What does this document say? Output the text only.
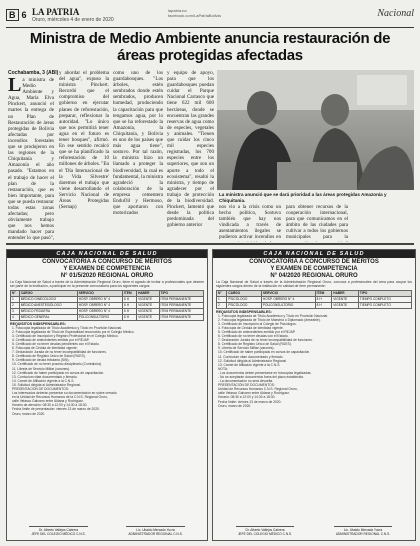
B 6 LA PATRIA
Oruro, miércoles 4 de enero de 2020
lapatria.bo
facebook.com/LaPatriaBolivia	Nacional
Ministra de Medio Ambiente anuncia restauración de áreas protegidas afectadas
Cochabamba, 3 (ABI)
La ministra de Medio Ambiente y Agua, María Elva Pinckert, anunció el martes la entrega de un Plan de Restauración de áreas protegidas de Bolivia afectadas por incendios forestales que se produjeron en las regiones de la Chiquitanía y Amazonía el año pasado. "Estamos en el trabajo de hacer el plan de la restauración, que es bien importante, para que se pueda restaurar todas estas zonas afectadas; pero obviamente trabajo que nos hemos mandado hacer para entender lo que pasó",
y abordar el problema del agua", expuso la ministra Pinckert. Recordó que el compromiso del gobierno en ejecutar planes de reforestación, preparar, reflexionar la autoridad. "Lo único que nos permitirá tener agua en el futuro es tener bosques", afirmó. En ese sentido recalcó que se ha planificado la reforestación de 10 millones de árboles. "En el 'Día Internacional de la Vida Silvestre' daremos el trabajo que viene desarrollando el Servicio Nacional de Áreas Protegidas (Sernap)
como uno de los guardabosques. "Los árboles, estén sembrados donde estén sembrados, producen humedad, produciendo la capacitación para que tengamos agua, por lo que se ha reforestado la Amazonía, la Chiquitanía, y Bolivia es uno de los países que más agua tiene", sostuvo. Por tal razón, la ministra hizo un llamado a proteger la biodiversidad, la cual es fundamental, la ministra agradeció la colaboración de la empresa cementera EnduOil y Hermoso, que aportaron con motorizados
y equipo de apoyo, para que los guardabosques puedan cuidar el Parque Nacional Carrasco que tiene 622 mil 600 hectáreas, donde se encuentran las grandes reservas de agua como de especies, vegetales y animales. "Tienen que cuidar los cinco mil especies registradas, los 700 especies entre los superiores, que son un aporte a todo el ecosistema", resaltó la ministra, y tiempo de agradecer por el trabajo de protección de la biodiversidad. Pinckert, lamentó que desde la política predominada del gobierno anterior
La ministra anunció que se dará prioridad a las áreas protegidas Amazonía y Chiquitania.
nos vio a la crisis como un hecho político, Sostuvo también que hay nos vindicada a través de asentamientos ilegales se pudieron activar incendios en
para obtener recursos de la cooperación internacional, para que comunicamos en el ámbito de las ciudades para cultivar a todos los gobiernos municipales para la
CAJA NACIONAL DE SALUD
CONVOCATORIA A CONCURSO DE MÉRITOS
Y EXAMEN DE COMPETENCIA
N° 01/5/2020 REGIONAL ORURO
La Caja Nacional de Salud a través de la Administración Regional Oruro, tiene el agrado de invitar a profesionales que deseen ser parte de la institución, a participar en la presente convocatoria para los siguientes cargos:
N°	CARGO	SERVICIO	ÍTEM	HABER	TIPO
1	MÉDICO GINECÓLOGO	HOSP. OBRERO N° 4	6 H	VIGENTE	ITEM PERMANENTE
2	MÉDICO ANESTESIÓLOGO	HOSP. OBRERO N° 4	6 H	VIGENTE	ITEM PERMANENTE
3	MÉDICO PEDIATRA	HOSP. OBRERO N° 4	6 H	VIGENTE	ITEM PERMANENTE
4	MÉDICO GENERAL	POLICONSULTORIO	6 H	VIGENTE	ITEM PERMANENTE
REQUISITOS INDISPENSABLES:
1. Fotocopia legalizada de Título Académico y Título en Provisión Nacional.
2. Fotocopia legalizada de Título de Especialidad reconocido por el Colegio Médico.
3. Certificado de Inscripción y Registro Profesional en el Colegio Médico.
4. Certificado de antecedentes emitido por el REJAP.
5. Certificado de no tener deudas pendientes con el Estado.
6. Fotocopia de Cédula de Identidad vigente.
7. Declaración Jurada de no tener incompatibilidad de funciones.
8. Certificado de Registro Único de Salud (RUES).
9. Certificado de deuda tributaria (SIN).
10. Certificado de no tener proceso disciplinario (Contraloría).
11. Libreta de Servicio Militar (varones).
12. Certificado de haber participado en cursos de capacitación.
13. Curriculum vitae documentado y firmado.
14. Carnet de Afiliación vigente a la C.N.S.
15. Solicitud dirigida al Administrador Regional.
PRESENTACIÓN DE DOCUMENTOS:
Los interesados deberán presentar su documentación en sobre cerrado
en la Unidad de Recursos Humanos de la C.N.S. Regional Oruro,
calle Velasco Galvarro entre Aldana y Rodríguez.
Horario de atención: 08:30 a 12:00 y 14:30 a 18:30.
Fecha límite de presentación: viernes 13 de marzo de 2020.
Oruro, marzo de 2020.
Dr. Alberto Vallejos Cabrera
JEFE DEL COLEGIO MÉDICO C.N.S.
Lic. Ubaldo Mercado Yucra
ADMINISTRADOR REGIONAL C.N.S.
CAJA NACIONAL DE SALUD
CONVOCATORIA A CONCURSO DE MÉRITOS
Y EXAMEN DE COMPETENCIA
N° 04/2020 REGIONAL ORURO
La Caja Nacional de Salud a través de la Administración Regional Oruro, convoca a profesionales del área para ocupar los siguientes cargos dentro de la institución en calidad de ítem permanente:
N°	CARGO	SERVICIO	ÍTEM	HABER	TIPO
1	PSICÓLOGO	HOSP. OBRERO N° 4	8 H	VIGENTE	TIEMPO COMPLETO
2	PSICÓLOGO	POLICONSULTORIO	8 H	VIGENTE	TIEMPO COMPLETO
REQUISITOS INDISPENSABLES:
1. Fotocopia legalizada de Título Académico y Título en Provisión Nacional.
2. Fotocopia legalizada de Título de Maestría o Diplomado (deseable).
3. Certificado de Inscripción al Colegio de Psicólogos.
4. Fotocopia de Cédula de Identidad vigente.
5. Certificado de antecedentes emitido por el REJAP.
6. Certificado de no tener deudas con el Estado.
7. Declaración Jurada de no tener incompatibilidad de funciones.
8. Certificado de Registro Único de Salud (RUES).
9. Libreta de Servicio Militar (varones).
10. Certificado de haber participado en cursos de capacitación.
11. Curriculum vitae documentado y firmado.
12. Solicitud dirigida al Administrador Regional.
13. Carnet de Afiliación vigente a la C.N.S.
NOTA:
- Los documentos deben presentarse en fotocopias legalizadas.
- No se aceptarán documentos fuera del plazo establecido.
- La documentación no será devuelta.
PRESENTACIÓN DE DOCUMENTOS:
Unidad de Recursos Humanos C.N.S. Regional Oruro,
calle Velasco Galvarro entre Aldana y Rodríguez.
Horario: 08:30 a 12:00 y 14:30 a 18:30.
Fecha límite: viernes 13 de marzo de 2020.
Oruro, marzo de 2020.
Dr. Alberto Vallejos Cabrera
JEFE DEL COLEGIO MÉDICO C.N.S.
Lic. Ubaldo Mercado Yucra
ADMINISTRADOR REGIONAL C.N.S.
